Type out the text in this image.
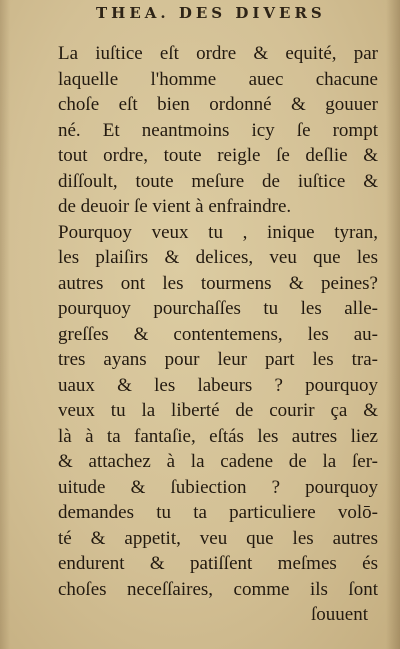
THEA. DES DIVERS
La iuſtice eſt ordre & equité, par
laquelle l'homme auec chacune
choſe eſt bien ordonné & gouuer
né. Et neantmoins icy ſe rompt
tout ordre, toute reigle ſe deſlie &
diſſoult, toute meſure de iuſtice &
de deuoir ſe vient à enfraindre.
Pourquoy veux tu , inique tyran,
les plaiſirs & delices, veu que les
autres ont les tourmens & peines?
pourquoy pourchaſſes tu les alle-
greſſes & contentemens, les au-
tres ayans pour leur part les tra-
uaux & les labeurs ? pourquoy
veux tu la liberté de courir ça &
là à ta fantaſie, eſtás les autres liez
& attachez à la cadene de la ſer-
uitude & ſubiection ? pourquoy
demandes tu ta particuliere volō-
té & appetit, veu que les autres
endurent & patiſſent meſmes és
choſes neceſſaires, comme ils ſont
ſouuent
